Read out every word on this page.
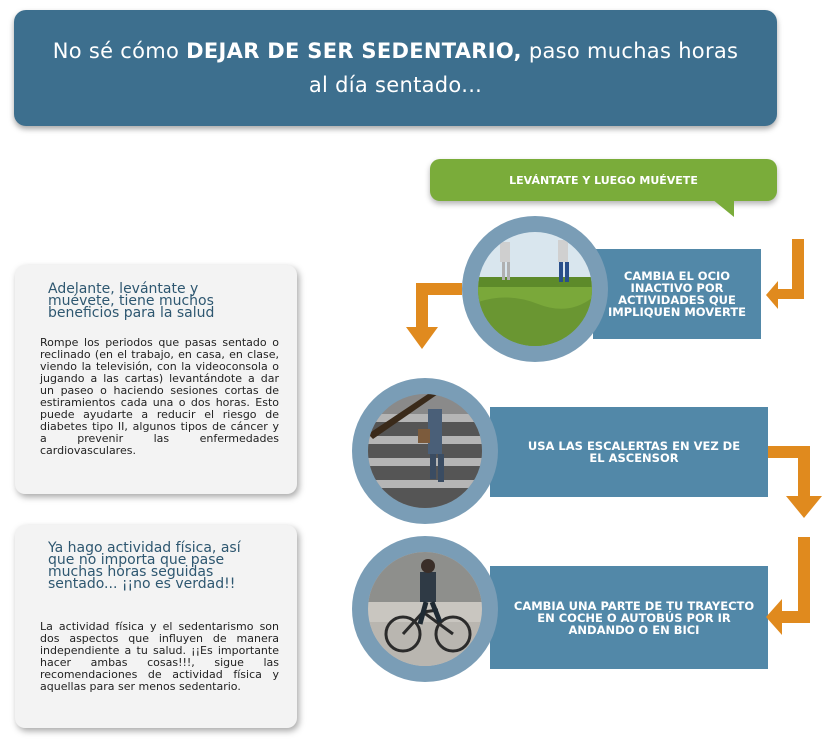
No sé cómo DEJAR DE SER SEDENTARIO, paso muchas horas
al día sentado...
LEVÁNTATE Y LUEGO MUÉVETE
Adelante, levántate y muévete, tiene muchos beneficios para la salud
Rompe los periodos que pasas sentado o reclinado (en el trabajo, en casa, en clase, viendo la televisión, con la videoconsola o jugando a las cartas) levantándote a dar un paseo o haciendo sesiones cortas de estiramientos cada una o dos horas. Esto puede ayudarte a reducir el riesgo de diabetes tipo II, algunos tipos de cáncer y a prevenir las enfermedades cardiovasculares.
Ya hago actividad física, así que no importa que pase muchas horas seguidas sentado... ¡¡no es verdad!!
La actividad física y el sedentarismo son dos aspectos que influyen de manera independiente a tu salud. ¡¡Es importante hacer ambas cosas!!!, sigue las recomendaciones de actividad física y aquellas para ser menos sedentario.
CAMBIA EL OCIO INACTIVO POR ACTIVIDADES QUE IMPLIQUEN MOVERTE
USA LAS ESCALERTAS EN VEZ DE EL ASCENSOR
CAMBIA UNA PARTE DE TU TRAYECTO EN COCHE O AUTOBÚS POR IR ANDANDO O EN BICI
